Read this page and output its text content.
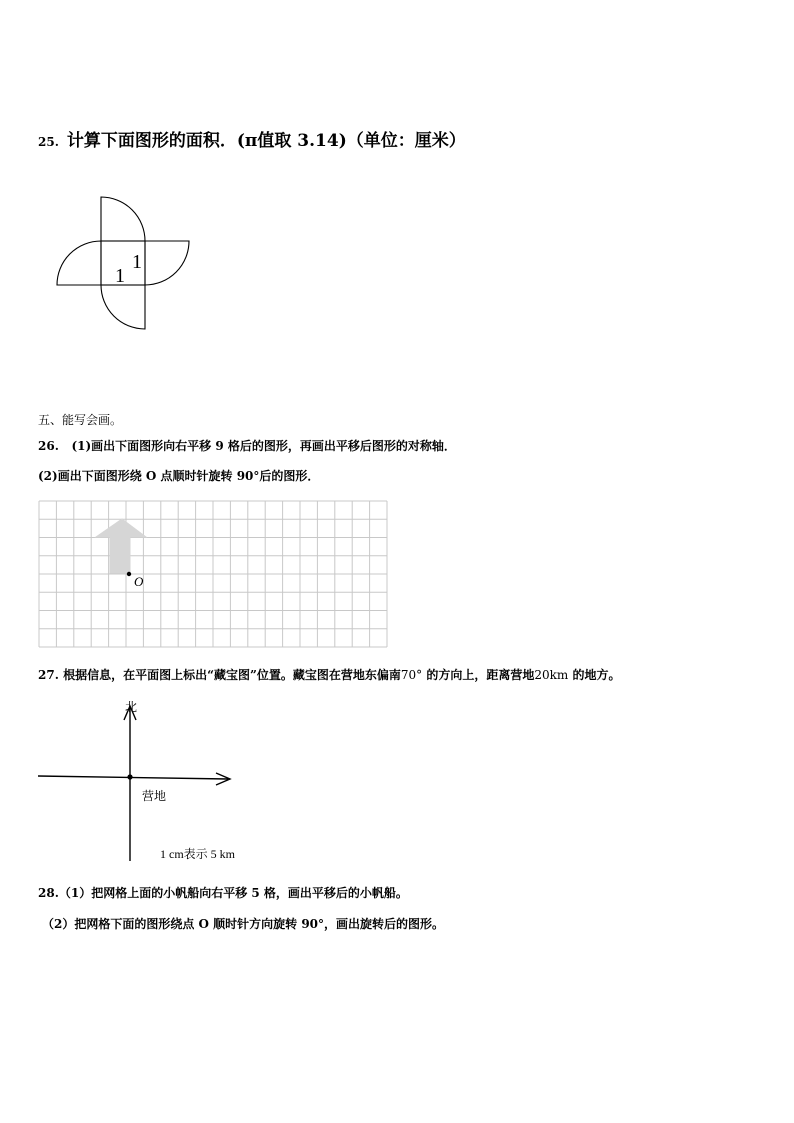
25. 计算下面图形的面积．(π值取 3.14)（单位：厘米）
1
1
五、能写会画。
26. (1)画出下面图形向右平移 9 格后的图形，再画出平移后图形的对称轴．
(2)画出下面图形绕 O 点顺时针旋转 90°后的图形．
O
27. 根据信息，在平面图上标出“藏宝图”位置。藏宝图在营地东偏南70° 的方向上，距离营地20km 的地方。
北
营地
1 cm表示 5 km
28.（1）把网格上面的小帆船向右平移 5 格，画出平移后的小帆船。
（2）把网格下面的图形绕点 O 顺时针方向旋转 90°，画出旋转后的图形。
